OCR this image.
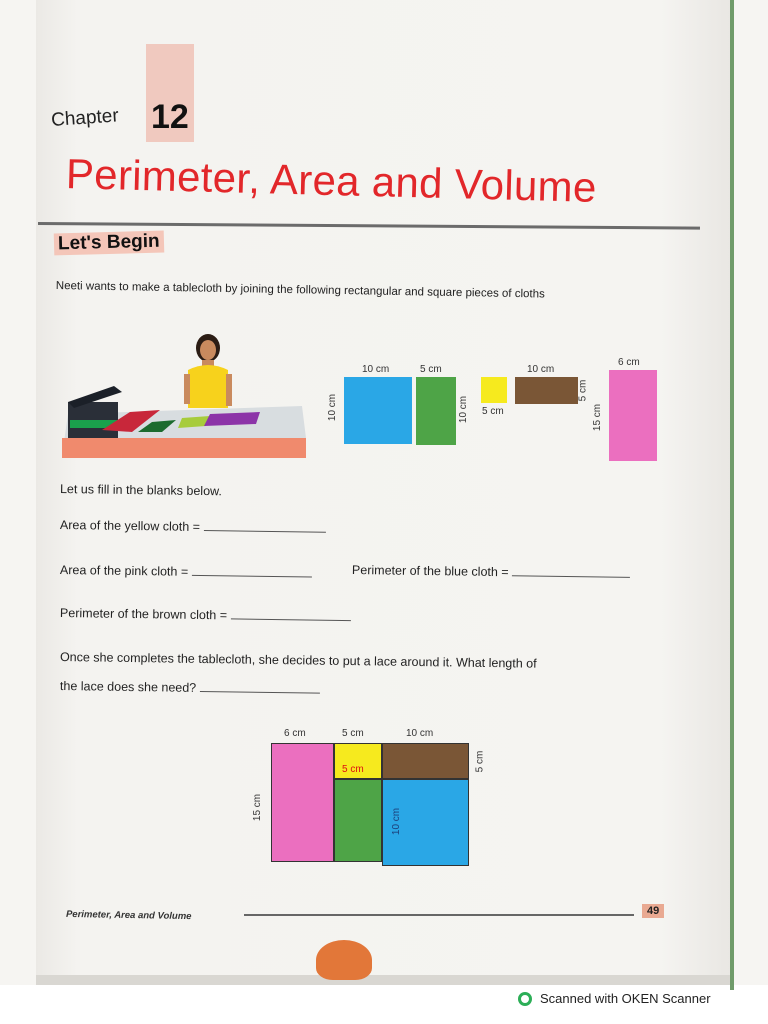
Chapter 12
Perimeter, Area and Volume
Let's Begin
Neeti wants to make a tablecloth by joining the following rectangular and square pieces of cloths
10 cm
10 cm
5 cm
10 cm 5 cm
10 cm
5 cm
6 cm
15 cm
Let us fill in the blanks below.
Area of the yellow cloth =
Area of the pink cloth =	Perimeter of the blue cloth =
Perimeter of the brown cloth =
Once she completes the tablecloth, she decides to put a lace around it. What length of
the lace does she need?
6 cm	5 cm	10 cm
5 cm
10 cm
5 cm
15 cm
Perimeter, Area and Volume	49
Scanned with OKEN Scanner
